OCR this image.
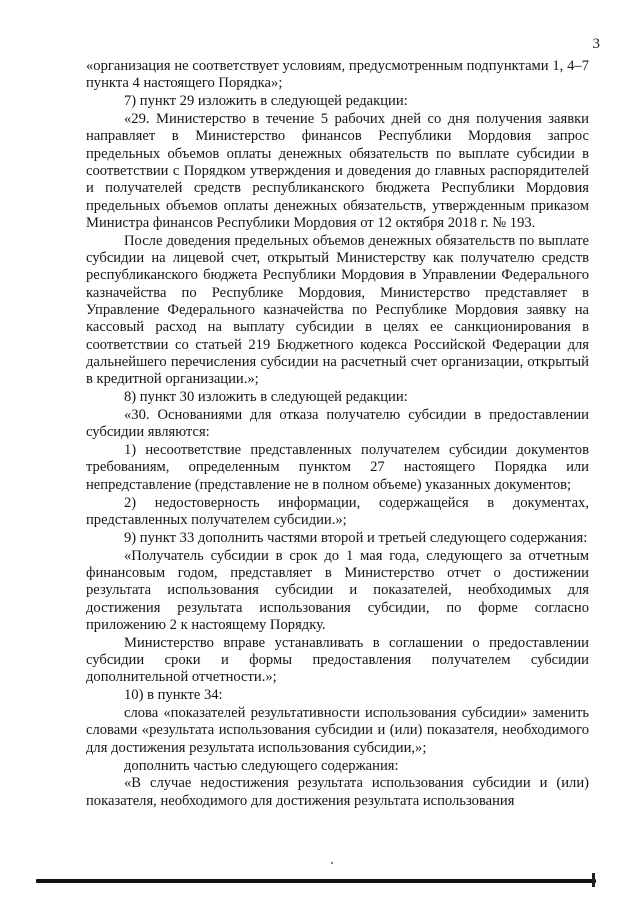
3

«организация не соответствует условиям, предусмотренным подпунктами 1, 4–7 пункта 4 настоящего Порядка»;

7) пункт 29 изложить в следующей редакции:

«29. Министерство в течение 5 рабочих дней со дня получения заявки направляет в Министерство финансов Республики Мордовия запрос предельных объемов оплаты денежных обязательств по выплате субсидии в соответствии с Порядком утверждения и доведения до главных распорядителей и получателей средств республиканского бюджета Республики Мордовия предельных объемов оплаты денежных обязательств, утвержденным приказом Министра финансов Республики Мордовия от 12 октября 2018 г. № 193.

После доведения предельных объемов денежных обязательств по выплате субсидии на лицевой счет, открытый Министерству как получателю средств республиканского бюджета Республики Мордовия в Управлении Федерального казначейства по Республике Мордовия, Министерство представляет в Управление Федерального казначейства по Республике Мордовия заявку на кассовый расход на выплату субсидии в целях ее санкционирования в соответствии со статьей 219 Бюджетного кодекса Российской Федерации для дальнейшего перечисления субсидии на расчетный счет организации, открытый в кредитной организации.»;

8) пункт 30 изложить в следующей редакции:

«30. Основаниями для отказа получателю субсидии в предоставлении субсидии являются:

1) несоответствие представленных получателем субсидии документов требованиям, определенным пунктом 27 настоящего Порядка или непредставление (представление не в полном объеме) указанных документов;

2) недостоверность информации, содержащейся в документах, представленных получателем субсидии.»;

9) пункт 33 дополнить частями второй и третьей следующего содержания:

«Получатель субсидии в срок до 1 мая года, следующего за отчетным финансовым годом, представляет в Министерство отчет о достижении результата использования субсидии и показателей, необходимых для достижения результата использования субсидии, по форме согласно приложению 2 к настоящему Порядку.

Министерство вправе устанавливать в соглашении о предоставлении субсидии сроки и формы предоставления получателем субсидии дополнительной отчетности.»;

10) в пункте 34:

слова «показателей результативности использования субсидии» заменить словами «результата использования субсидии и (или) показателя, необходимого для достижения результата использования субсидии,»;

дополнить частью следующего содержания:

«В случае недостижения результата использования субсидии и (или) показателя, необходимого для достижения результата использования
